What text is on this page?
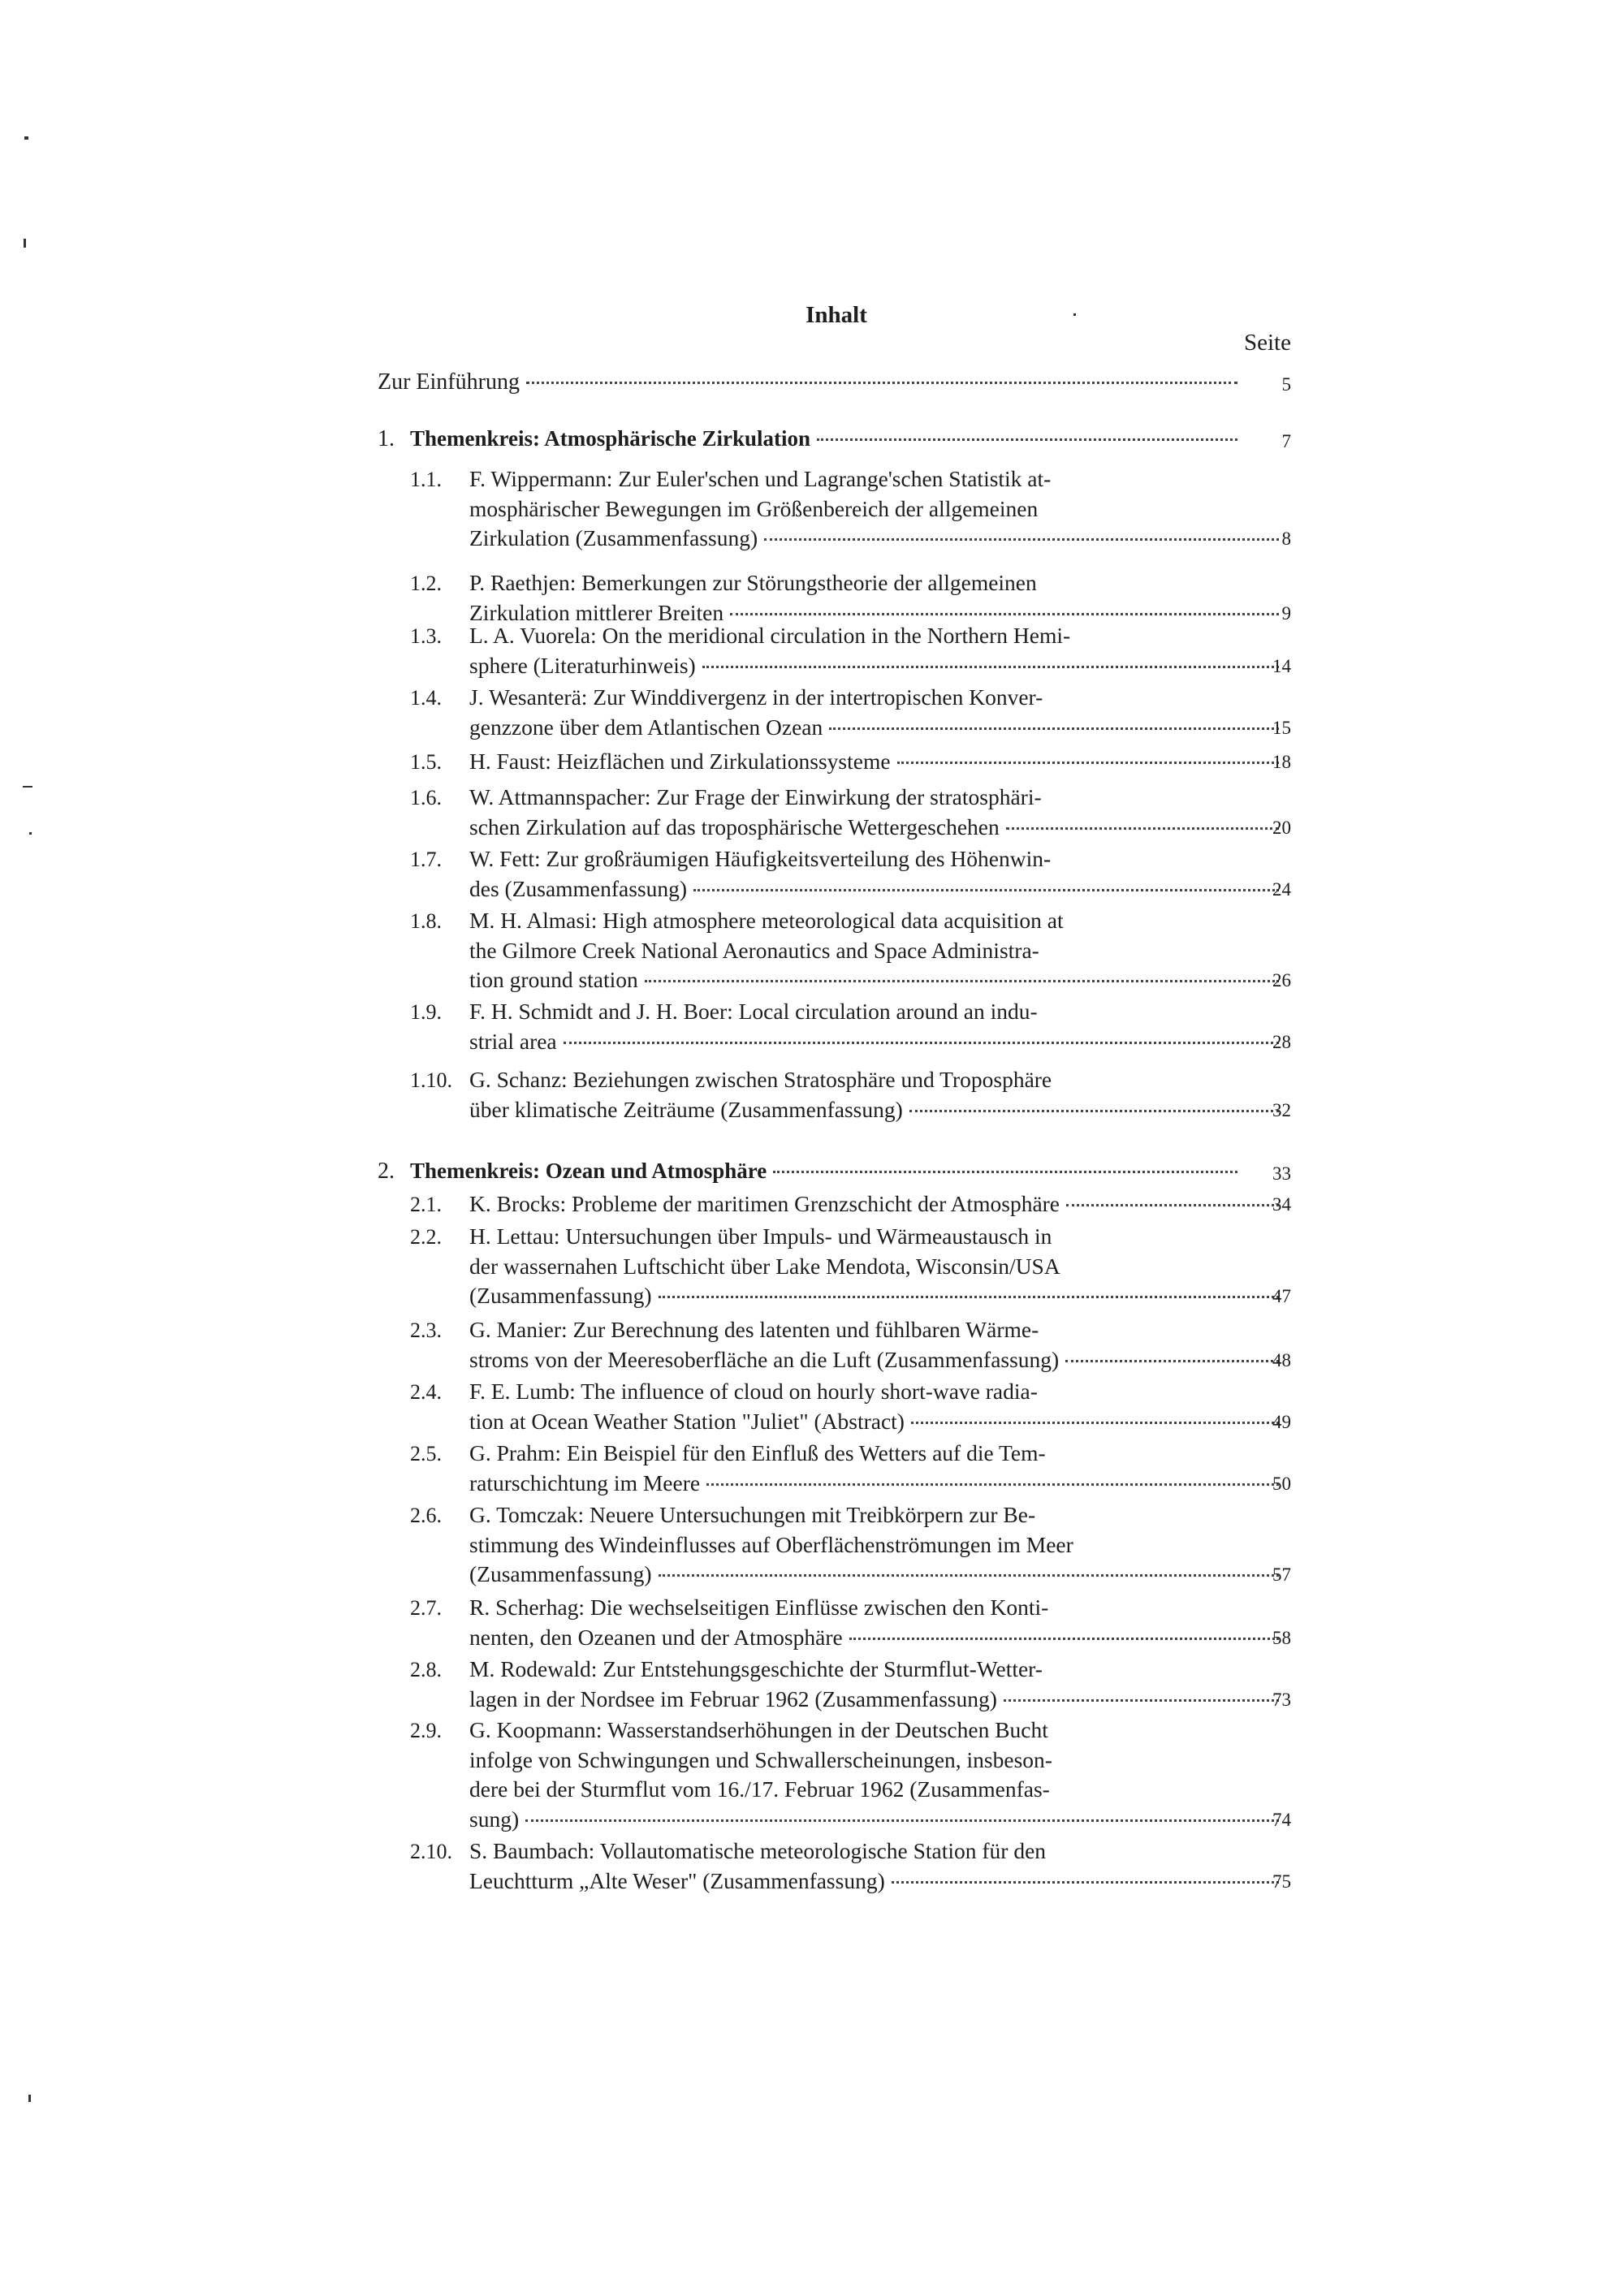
Inhalt
Seite
Zur Einführung	5
1. Themenkreis: Atmosphärische Zirkulation	7
1.1.	F. Wippermann: Zur Euler'schen und Lagrange'schen Statistik at-
mosphärischer Bewegungen im Größenbereich der allgemeinen
Zirkulation (Zusammenfassung)	8
1.2.	P. Raethjen: Bemerkungen zur Störungstheorie der allgemeinen
Zirkulation mittlerer Breiten	9
1.3.	L. A. Vuorela: On the meridional circulation in the Northern Hemi-
sphere (Literaturhinweis)	14
1.4.	J. Wesanterä: Zur Winddivergenz in der intertropischen Konver-
genzzone über dem Atlantischen Ozean	15
1.5.	H. Faust: Heizflächen und Zirkulationssysteme	18
1.6.	W. Attmannspacher: Zur Frage der Einwirkung der stratosphäri-
schen Zirkulation auf das troposphärische Wettergeschehen	20
1.7.	W. Fett: Zur großräumigen Häufigkeitsverteilung des Höhenwin-
des (Zusammenfassung)	24
1.8.	M. H. Almasi: High atmosphere meteorological data acquisition at
the Gilmore Creek National Aeronautics and Space Administra-
tion ground station	26
1.9.	F. H. Schmidt and J. H. Boer: Local circulation around an indu-
strial area	28
1.10. G. Schanz: Beziehungen zwischen Stratosphäre und Troposphäre
über klimatische Zeiträume (Zusammenfassung)	32
2. Themenkreis: Ozean und Atmosphäre	33
2.1.	K. Brocks: Probleme der maritimen Grenzschicht der Atmosphäre	34
2.2.	H. Lettau: Untersuchungen über Impuls- und Wärmeaustausch in
der wassernahen Luftschicht über Lake Mendota, Wisconsin/USA
(Zusammenfassung)	47
2.3.	G. Manier: Zur Berechnung des latenten und fühlbaren Wärme-
stroms von der Meeresoberfläche an die Luft (Zusammenfassung)	48
2.4.	F. E. Lumb: The influence of cloud on hourly short-wave radia-
tion at Ocean Weather Station "Juliet" (Abstract)	49
2.5.	G. Prahm: Ein Beispiel für den Einfluß des Wetters auf die Tem-
raturschichtung im Meere	50
2.6.	G. Tomczak: Neuere Untersuchungen mit Treibkörpern zur Be-
stimmung des Windeinflusses auf Oberflächenströmungen im Meer
(Zusammenfassung)	57
2.7.	R. Scherhag: Die wechselseitigen Einflüsse zwischen den Konti-
nenten, den Ozeanen und der Atmosphäre	58
2.8.	M. Rodewald: Zur Entstehungsgeschichte der Sturmflut-Wetter-
lagen in der Nordsee im Februar 1962 (Zusammenfassung)	73
2.9.	G. Koopmann: Wasserstandserhöhungen in der Deutschen Bucht
infolge von Schwingungen und Schwallerscheinungen, insbeson-
dere bei der Sturmflut vom 16./17. Februar 1962 (Zusammenfas-
sung)	74
2.10. S. Baumbach: Vollautomatische meteorologische Station für den
Leuchtturm „Alte Weser" (Zusammenfassung)	75
